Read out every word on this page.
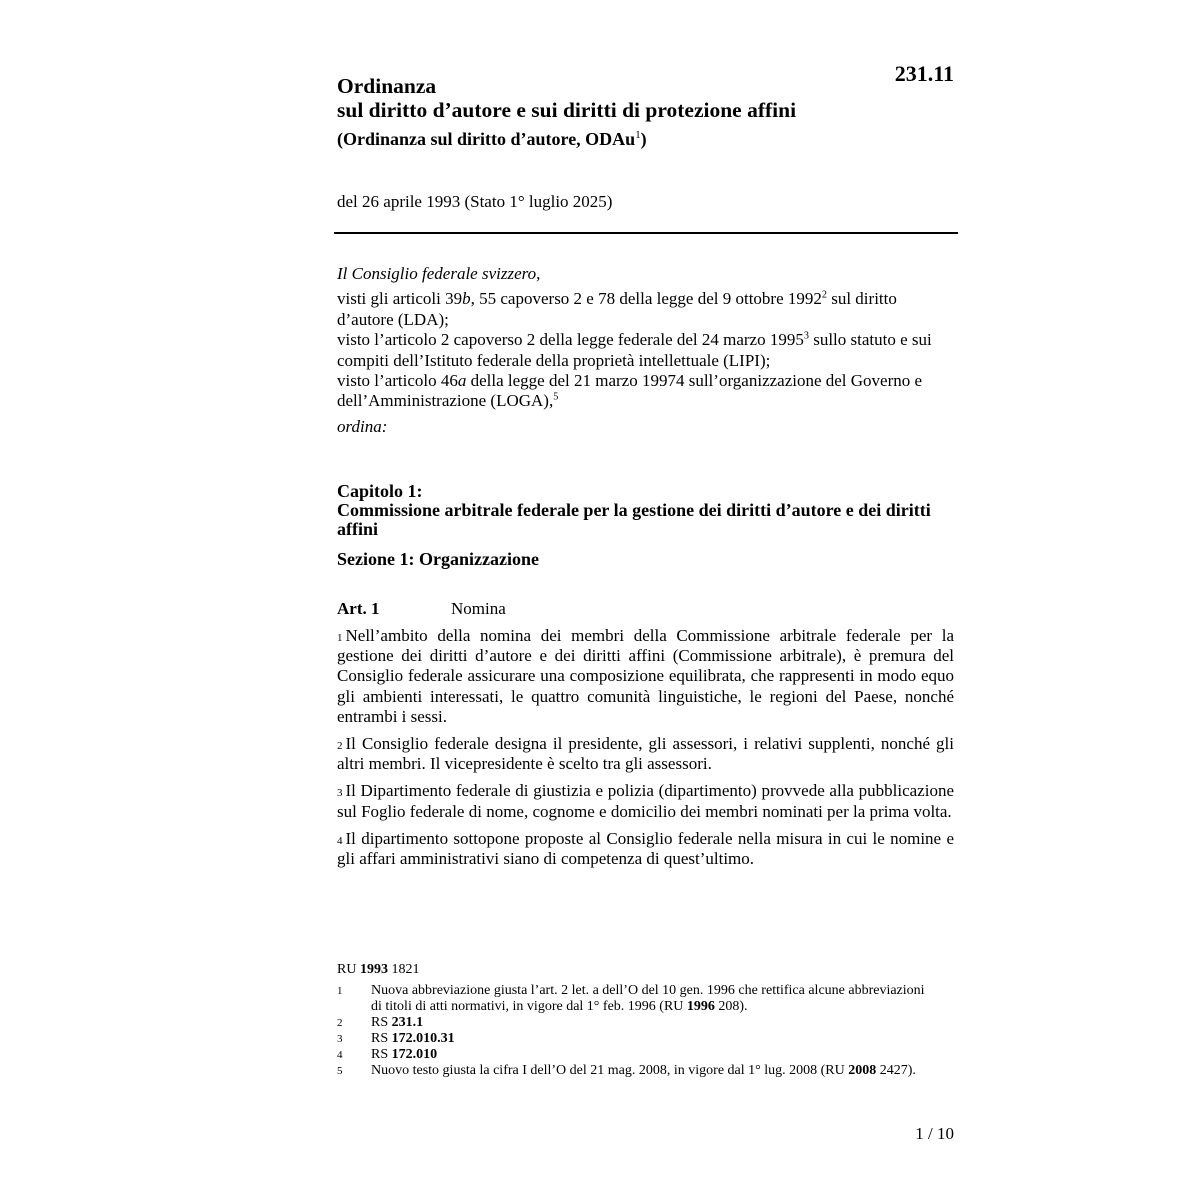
231.11
Ordinanza
sul diritto d’autore e sui diritti di protezione affini
(Ordinanza sul diritto d’autore, ODAu$^1$)
del 26 aprile 1993 (Stato 1° luglio 2025)

Il Consiglio federale svizzero,

visti gli articoli 39b, 55 capoverso 2 e 78 della legge del 9 ottobre 1992$^2$ sul diritto d’autore (LDA);

visto l’articolo 2 capoverso 2 della legge federale del 24 marzo 1995$^3$ sullo statuto e sui compiti dell’Istituto federale della proprietà intellettuale (LIPI);

visto l’articolo 46a della legge del 21 marzo 19974 sull’organizzazione del Governo e dell’Amministrazione (LOGA),$^5$

ordina:

Capitolo 1:
Commissione arbitrale federale per la gestione dei diritti d’autore e dei diritti affini
Sezione 1: Organizzazione
Art. 1	Nomina

$^1$ Nell’ambito della nomina dei membri della Commissione arbitrale federale per la gestione dei diritti d’autore e dei diritti affini (Commissione arbitrale), è premura del Consiglio federale assicurare una composizione equilibrata, che rappresenti in modo equo gli ambienti interessati, le quattro comunità linguistiche, le regioni del Paese, nonché entrambi i sessi.

$^2$ Il Consiglio federale designa il presidente, gli assessori, i relativi supplenti, nonché gli altri membri. Il vicepresidente è scelto tra gli assessori.

$^3$ Il Dipartimento federale di giustizia e polizia (dipartimento) provvede alla pubblicazione sul Foglio federale di nome, cognome e domicilio dei membri nominati per la prima volta.

$^4$ Il dipartimento sottopone proposte al Consiglio federale nella misura in cui le nomine e gli affari amministrativi siano di competenza di quest’ultimo.

RU 1993 1821
1	Nuova abbreviazione giusta l’art. 2 let. a dell’O del 10 gen. 1996 che rettifica alcune abbreviazioni di titoli di atti normativi, in vigore dal 1° feb. 1996 (RU 1996 208).
2	RS 231.1
3	RS 172.010.31
4	RS 172.010
5	Nuovo testo giusta la cifra I dell’O del 21 mag. 2008, in vigore dal 1° lug. 2008 (RU 2008 2427).
1 / 10
